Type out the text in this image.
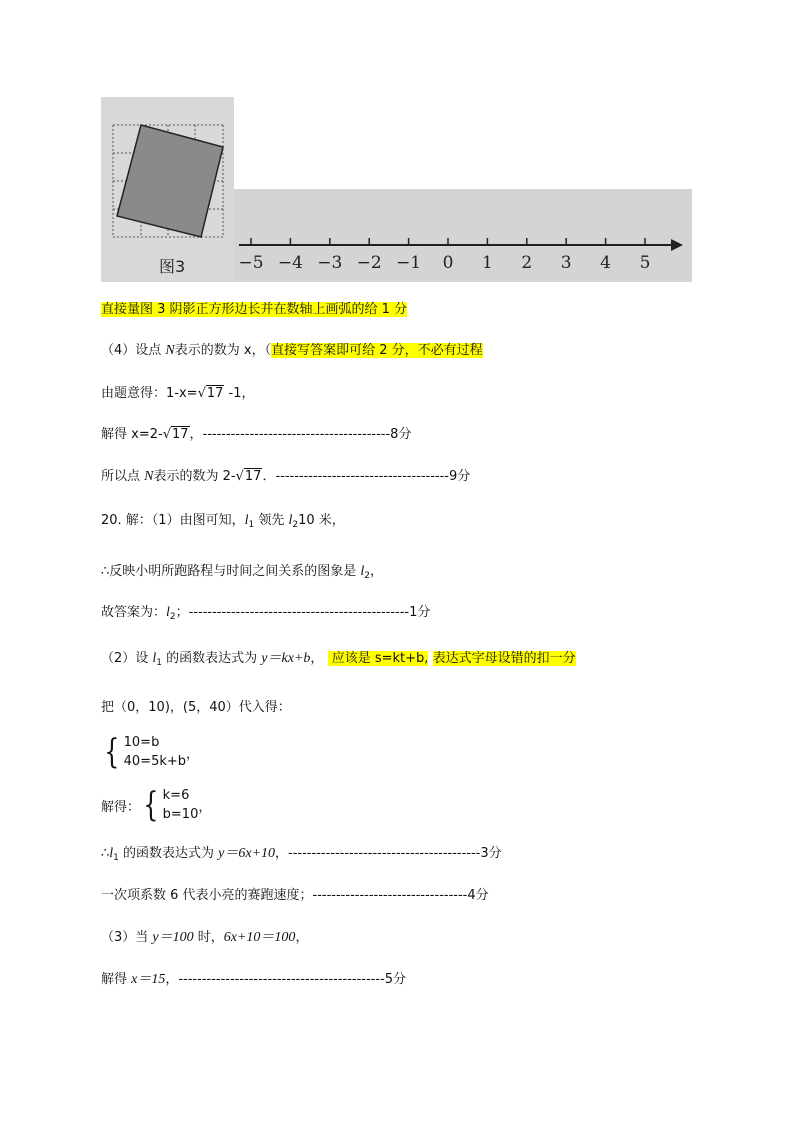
图3	−5 −4 −3 −2 −1 0 1 2 3 4 5
直接量图 3 阴影正方形边长并在数轴上画弧的给 1 分
（4）设点 N表示的数为 x，（直接写答案即可给 2 分，不必有过程
由题意得：1-x=√17 -1，
解得 x=2-√17，----------------------------------------8分
所以点 N表示的数为 2-√17．-------------------------------------9分
20. 解：（1）由图可知，$l_1$ 领先 $l_210$ 米，
∴反映小明所跑路程与时间之间关系的图象是 $l_2$，
故答案为：$l_2$；-----------------------------------------------1分
（2）设 $l_1$ 的函数表达式为 y＝kx+b， 应该是 s=kt+b, 表达式字母设错的扣一分
把（0，10)，(5，40）代入得：
{ 10=b
40=5k+b ，
解得： { k=6
b=10 ，
$\therefore l_1$ 的函数表达式为 y＝6x+10，-----------------------------------------3分
一次项系数 6 代表小亮的赛跑速度；---------------------------------4分
（3）当 y＝100 时，6x+10＝100，
解得 x＝15，--------------------------------------------5分
